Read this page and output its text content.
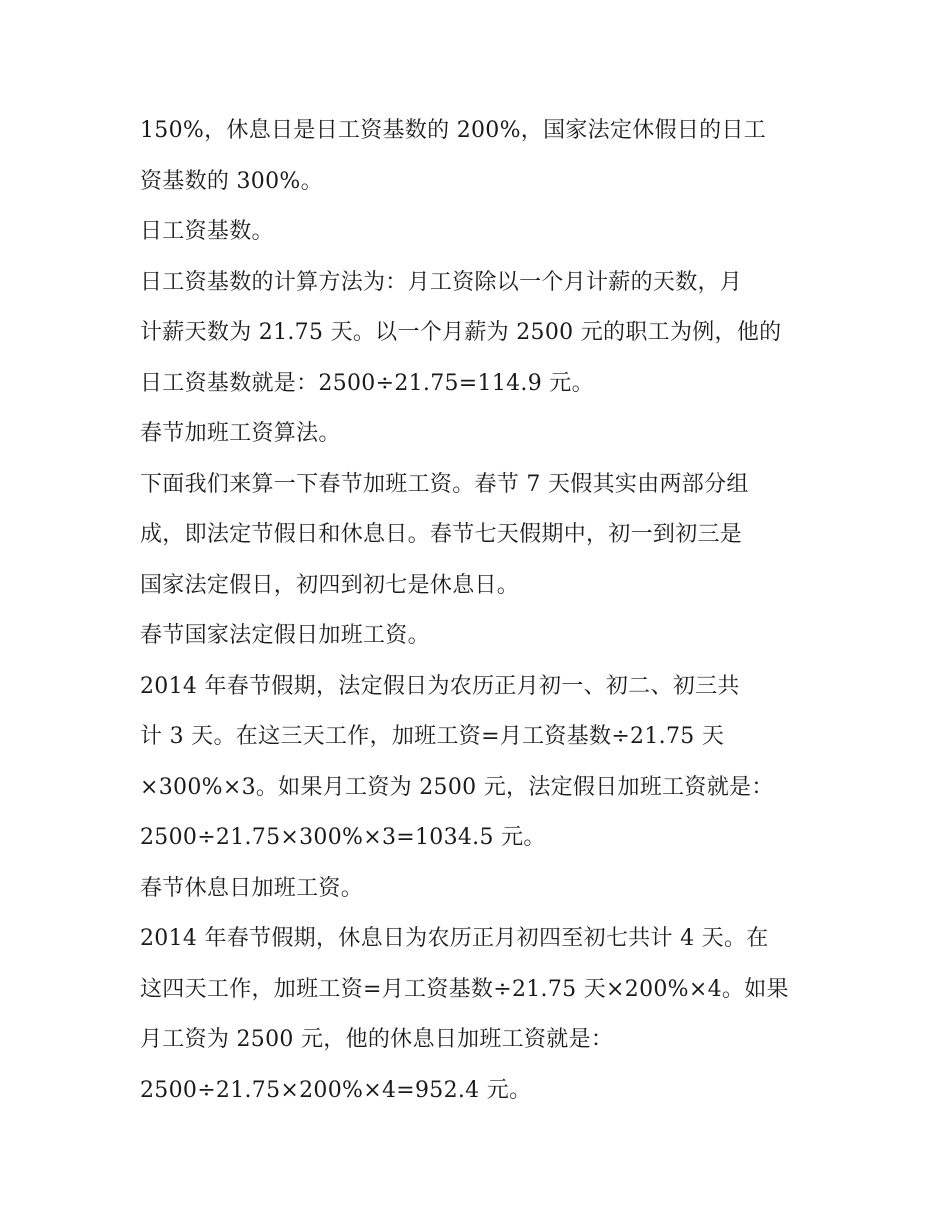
150%，休息日是日工资基数的 200%，国家法定休假日的日工
资基数的 300%。
日工资基数。
日工资基数的计算方法为：月工资除以一个月计薪的天数，月
计薪天数为 21.75 天。以一个月薪为 2500 元的职工为例，他的
日工资基数就是：2500÷21.75=114.9 元。
春节加班工资算法。
下面我们来算一下春节加班工资。春节 7 天假其实由两部分组
成，即法定节假日和休息日。春节七天假期中，初一到初三是
国家法定假日，初四到初七是休息日。
春节国家法定假日加班工资。
2014 年春节假期，法定假日为农历正月初一、初二、初三共
计 3 天。在这三天工作，加班工资=月工资基数÷21.75 天
×300%×3。如果月工资为 2500 元，法定假日加班工资就是：
2500÷21.75×300%×3=1034.5 元。
春节休息日加班工资。
2014 年春节假期，休息日为农历正月初四至初七共计 4 天。在
这四天工作，加班工资=月工资基数÷21.75 天×200%×4。如果
月工资为 2500 元，他的休息日加班工资就是：
2500÷21.75×200%×4=952.4 元。
